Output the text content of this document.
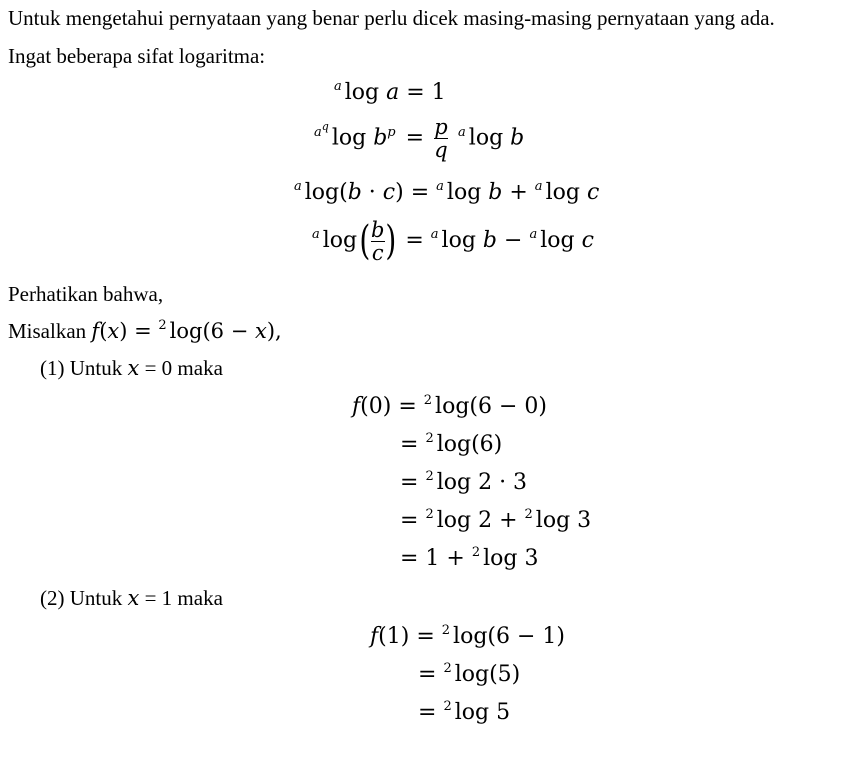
Untuk mengetahui pernyataan yang benar perlu dicek masing-masing pernyataan yang ada.
Ingat beberapa sifat logaritma:
$^a$ log a = 1
$^{a^q}$ $\log b^p = \frac{p}{q} ^a$ log b
$^a$ log(b · c) = $^a$ log b + $^a$ log c
$^a$ $\log( \frac{b}{c}$ ) = $^a$ log b − $^a$ log c
Perhatikan bahwa,
Misalkan f(x) = $^2$ log(6 − x),
(1) Untuk x = 0 maka
f(0) = $^2$ log(6 − 0)
= $^2$ log(6)
= $^2$ log 2 · 3
= $^2$ log 2 + $^2$ log 3
= 1 + $^2$ log 3
(2) Untuk x = 1 maka
f(1) = $^2$ log(6 − 1)
= $^2$ log(5)
= $^2$ log 5
